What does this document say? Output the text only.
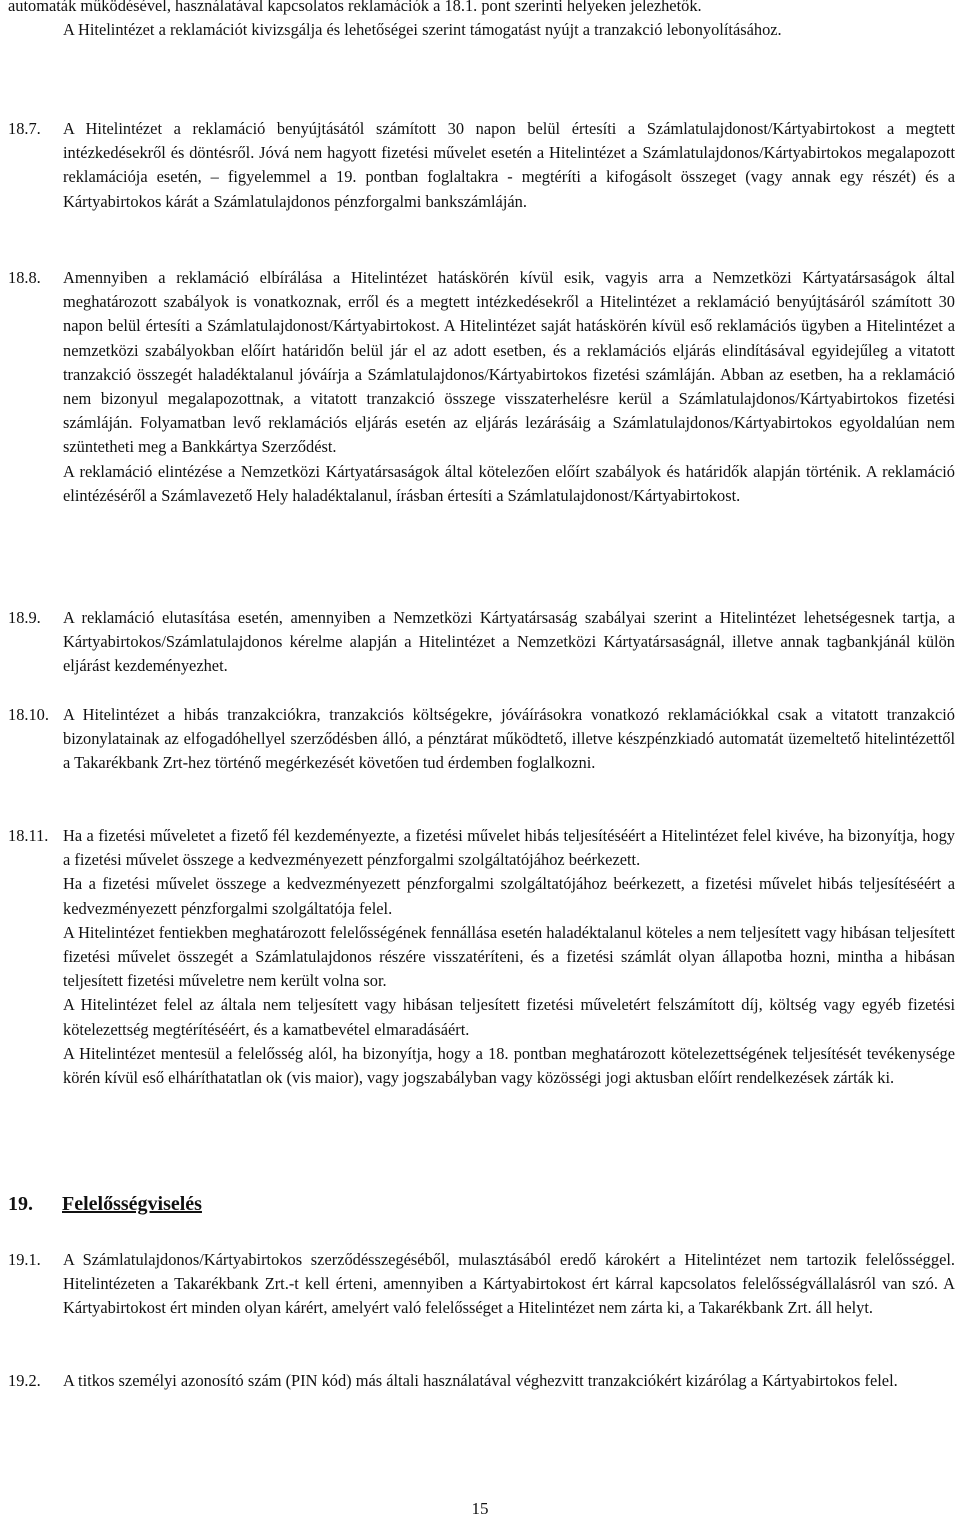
automaták működésével, használatával kapcsolatos reklamációk a 18.1. pont szerinti helyeken jelezhetők.
A Hitelintézet a reklamációt kivizsgálja és lehetőségei szerint támogatást nyújt a tranzakció lebonyolításához.
18.7.	A Hitelintézet a reklamáció benyújtásától számított 30 napon belül értesíti a Számlatulajdonost/Kártyabirtokost a megtett intézkedésekről és döntésről. Jóvá nem hagyott fizetési művelet esetén a Hitelintézet a Számlatulajdonos/Kártyabirtokos megalapozott reklamációja esetén, – figyelemmel a 19. pontban foglaltakra - megtéríti a kifogásolt összeget (vagy annak egy részét) és a Kártyabirtokos kárát a Számlatulajdonos pénzforgalmi bankszámláján.

18.8.	Amennyiben a reklamáció elbírálása a Hitelintézet hatáskörén kívül esik, vagyis arra a Nemzetközi Kártyatársaságok által meghatározott szabályok is vonatkoznak, erről és a megtett intézkedésekről a Hitelintézet a reklamáció benyújtásáról számított 30 napon belül értesíti a Számlatulajdonost/Kártyabirtokost. A Hitelintézet saját hatáskörén kívül eső reklamációs ügyben a Hitelintézet a nemzetközi szabályokban előírt határidőn belül jár el az adott esetben, és a reklamációs eljárás elindításával egyidejűleg a vitatott tranzakció összegét haladéktalanul jóváírja a Számlatulajdonos/Kártyabirtokos fizetési számláján. Abban az esetben, ha a reklamáció nem bizonyul megalapozottnak, a vitatott tranzakció összege visszaterhelésre kerül a Számlatulajdonos/Kártyabirtokos fizetési számláján. Folyamatban levő reklamációs eljárás esetén az eljárás lezárásáig a Számlatulajdonos/Kártyabirtokos egyoldalúan nem szüntetheti meg a Bankkártya Szerződést.

A reklamáció elintézése a Nemzetközi Kártyatársaságok által kötelezően előírt szabályok és határidők alapján történik. A reklamáció elintézéséről a Számlavezető Hely haladéktalanul, írásban értesíti a Számlatulajdonost/Kártyabirtokost.

18.9.	A reklamáció elutasítása esetén, amennyiben a Nemzetközi Kártyatársaság szabályai szerint a Hitelintézet lehetségesnek tartja, a Kártyabirtokos/Számlatulajdonos kérelme alapján a Hitelintézet a Nemzetközi Kártyatársaságnál, illetve annak tagbankjánál külön eljárást kezdeményezhet.

18.10. A Hitelintézet a hibás tranzakciókra, tranzakciós költségekre, jóváírásokra vonatkozó reklamációkkal csak a vitatott tranzakció bizonylatainak az elfogadóhellyel szerződésben álló, a pénztárat működtető, illetve készpénzkiadó automatát üzemeltető hitelintézettől a Takarékbank Zrt-hez történő megérkezését követően tud érdemben foglalkozni.

18.11. Ha a fizetési műveletet a fizető fél kezdeményezte, a fizetési művelet hibás teljesítéséért a Hitelintézet felel kivéve, ha bizonyítja, hogy a fizetési művelet összege a kedvezményezett pénzforgalmi szolgáltatójához beérkezett.

Ha a fizetési művelet összege a kedvezményezett pénzforgalmi szolgáltatójához beérkezett, a fizetési művelet hibás teljesítéséért a kedvezményezett pénzforgalmi szolgáltatója felel.

A Hitelintézet fentiekben meghatározott felelősségének fennállása esetén haladéktalanul köteles a nem teljesített vagy hibásan teljesített fizetési művelet összegét a Számlatulajdonos részére visszatéríteni, és a fizetési számlát olyan állapotba hozni, mintha a hibásan teljesített fizetési műveletre nem került volna sor.

A Hitelintézet felel az általa nem teljesített vagy hibásan teljesített fizetési műveletért felszámított díj, költség vagy egyéb fizetési kötelezettség megtérítéséért, és a kamatbevétel elmaradásáért.

A Hitelintézet mentesül a felelősség alól, ha bizonyítja, hogy a 18. pontban meghatározott kötelezettségének teljesítését tevékenysége körén kívül eső elháríthatatlan ok (vis maior), vagy jogszabályban vagy közösségi jogi aktusban előírt rendelkezések zárták ki.

19. Felelősségviselés
19.1.	A Számlatulajdonos/Kártyabirtokos szerződésszegéséből, mulasztásából eredő károkért a Hitelintézet nem tartozik felelősséggel. Hitelintézeten a Takarékbank Zrt.-t kell érteni, amennyiben a Kártyabirtokost ért kárral kapcsolatos felelősségvállalásról van szó. A Kártyabirtokost ért minden olyan kárért, amelyért való felelősséget a Hitelintézet nem zárta ki, a Takarékbank Zrt. áll helyt.

19.2.	A titkos személyi azonosító szám (PIN kód) más általi használatával véghezvitt tranzakciókért kizárólag a Kártyabirtokos felel.

15
